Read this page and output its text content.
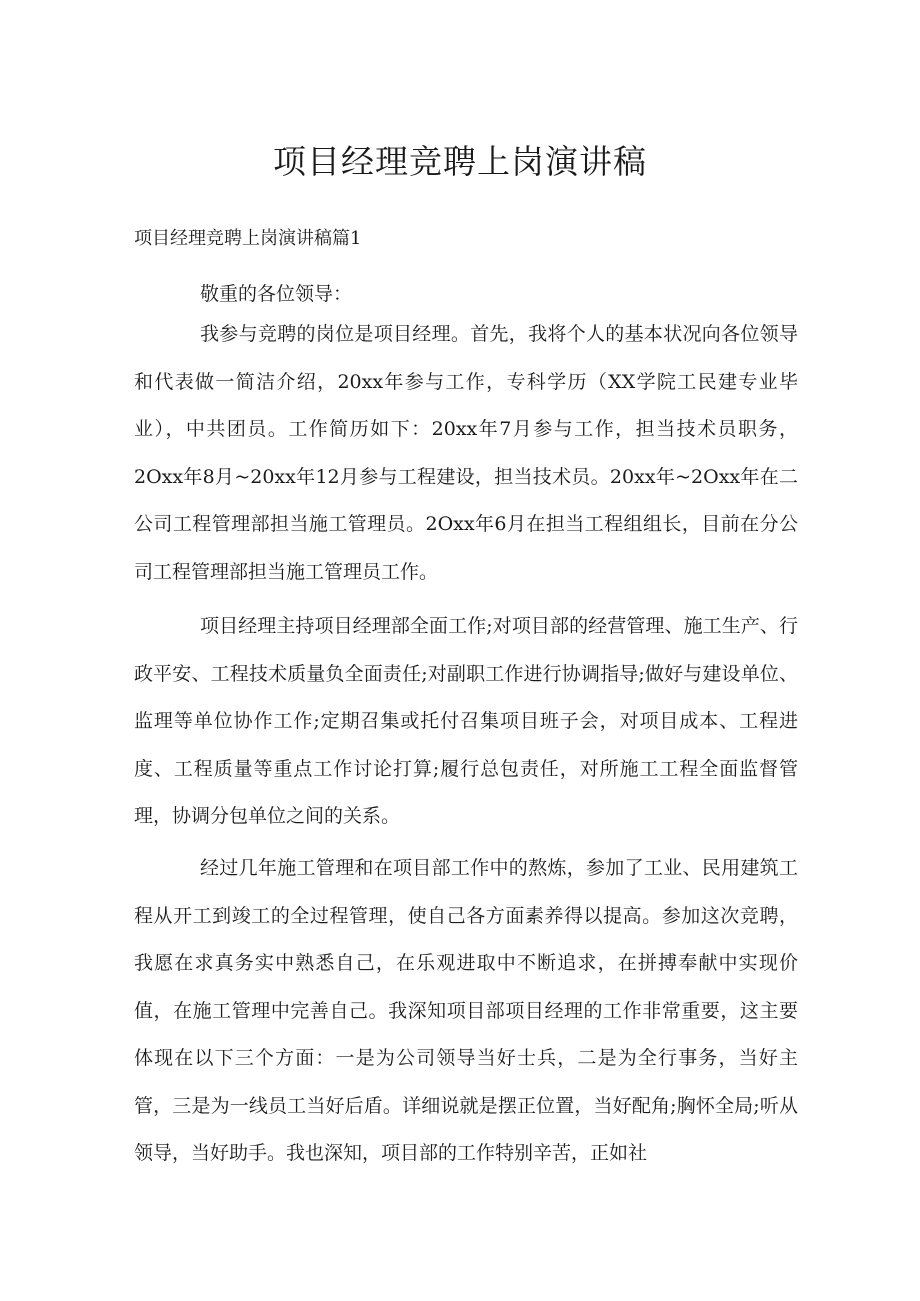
项目经理竞聘上岗演讲稿
项目经理竞聘上岗演讲稿篇1

敬重的各位领导：

我参与竞聘的岗位是项目经理。首先，我将个人的基本状况向各位领导和代表做一简洁介绍，20xx年参与工作，专科学历（XX学院工民建专业毕业），中共团员。工作简历如下：20xx年7月参与工作，担当技术员职务，2Oxx年8月~20xx年12月参与工程建设，担当技术员。20xx年~2Oxx年在二公司工程管理部担当施工管理员。2Oxx年6月在担当工程组组长，目前在分公司工程管理部担当施工管理员工作。

项目经理主持项目经理部全面工作;对项目部的经营管理、施工生产、行政平安、工程技术质量负全面责任;对副职工作进行协调指导;做好与建设单位、监理等单位协作工作;定期召集或托付召集项目班子会，对项目成本、工程进度、工程质量等重点工作讨论打算;履行总包责任，对所施工工程全面监督管理，协调分包单位之间的关系。

经过几年施工管理和在项目部工作中的熬炼，参加了工业、民用建筑工程从开工到竣工的全过程管理，使自己各方面素养得以提高。参加这次竞聘，我愿在求真务实中熟悉自己，在乐观进取中不断追求，在拼搏奉献中实现价值，在施工管理中完善自己。我深知项目部项目经理的工作非常重要，这主要体现在以下三个方面：一是为公司领导当好士兵，二是为全行事务，当好主管，三是为一线员工当好后盾。详细说就是摆正位置，当好配角;胸怀全局;听从领导，当好助手。我也深知，项目部的工作特别辛苦，正如社
